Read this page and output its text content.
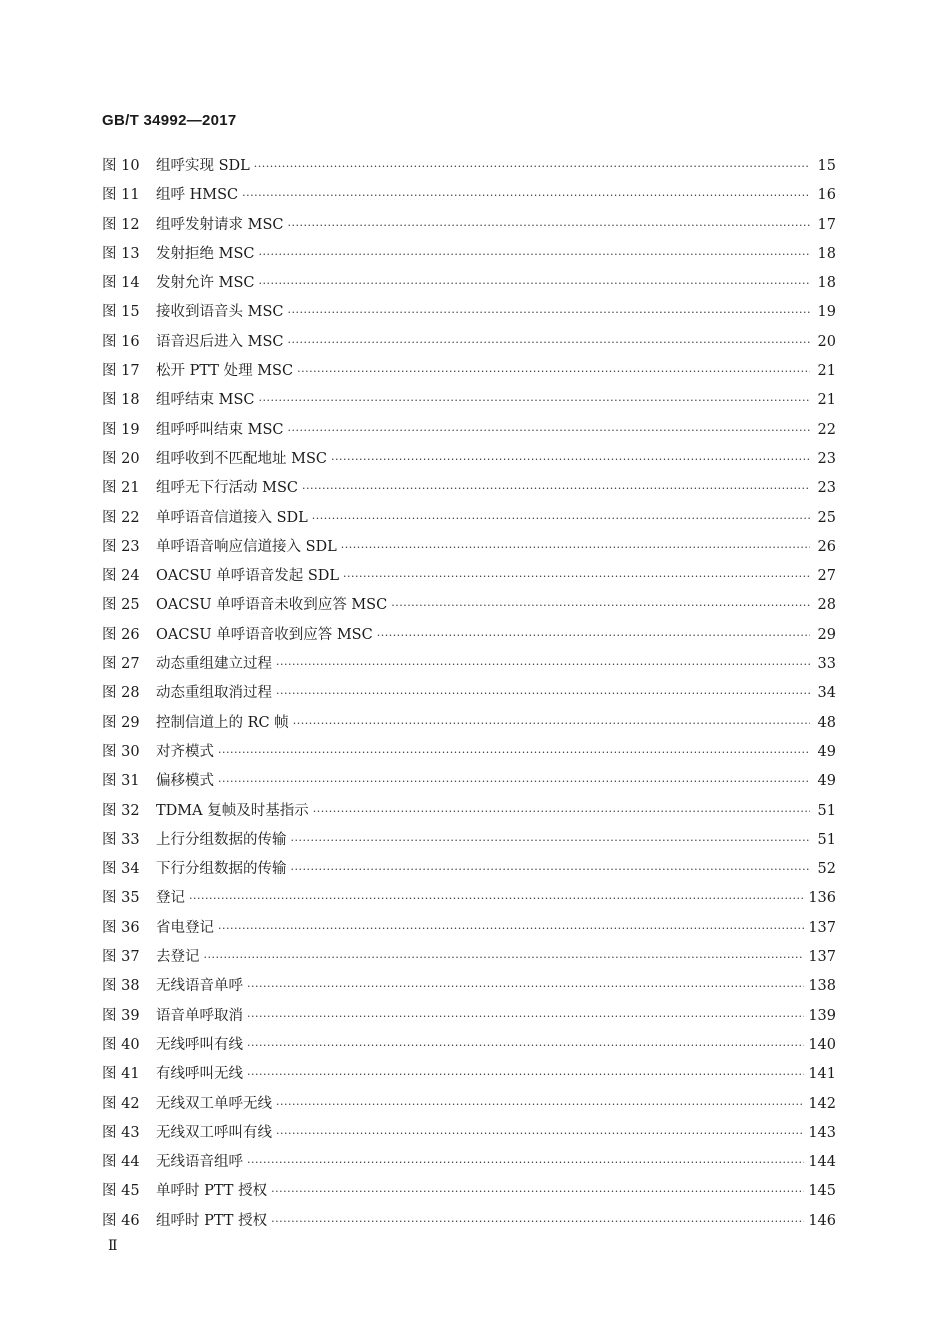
GB/T 34992—2017
图 10	组呼实现 SDL ·····	15
图 11	组呼 HMSC ·····	16
图 12	组呼发射请求 MSC ·····	17
图 13	发射拒绝 MSC ·····	18
图 14	发射允许 MSC ·····	18
图 15	接收到语音头 MSC ·····	19
图 16	语音迟后进入 MSC ·····	20
图 17	松开 PTT 处理 MSC ·····	21
图 18	组呼结束 MSC ·····	21
图 19	组呼呼叫结束 MSC ·····	22
图 20	组呼收到不匹配地址 MSC ·····	23
图 21	组呼无下行活动 MSC ·····	23
图 22	单呼语音信道接入 SDL ·····	25
图 23	单呼语音响应信道接入 SDL ·····	26
图 24	OACSU 单呼语音发起 SDL ·····	27
图 25	OACSU 单呼语音未收到应答 MSC ·····	28
图 26	OACSU 单呼语音收到应答 MSC ·····	29
图 27	动态重组建立过程 ·····	33
图 28	动态重组取消过程 ·····	34
图 29	控制信道上的 RC 帧 ·····	48
图 30	对齐模式 ·····	49
图 31	偏移模式 ·····	49
图 32	TDMA 复帧及时基指示 ·····	51
图 33	上行分组数据的传输 ·····	51
图 34	下行分组数据的传输 ·····	52
图 35	登记 ·····	136
图 36	省电登记 ·····	137
图 37	去登记 ·····	137
图 38	无线语音单呼 ·····	138
图 39	语音单呼取消 ·····	139
图 40	无线呼叫有线 ·····	140
图 41	有线呼叫无线 ·····	141
图 42	无线双工单呼无线 ·····	142
图 43	无线双工呼叫有线 ·····	143
图 44	无线语音组呼 ·····	144
图 45	单呼时 PTT 授权 ·····	145
图 46	组呼时 PTT 授权 ·····	146
Ⅱ
